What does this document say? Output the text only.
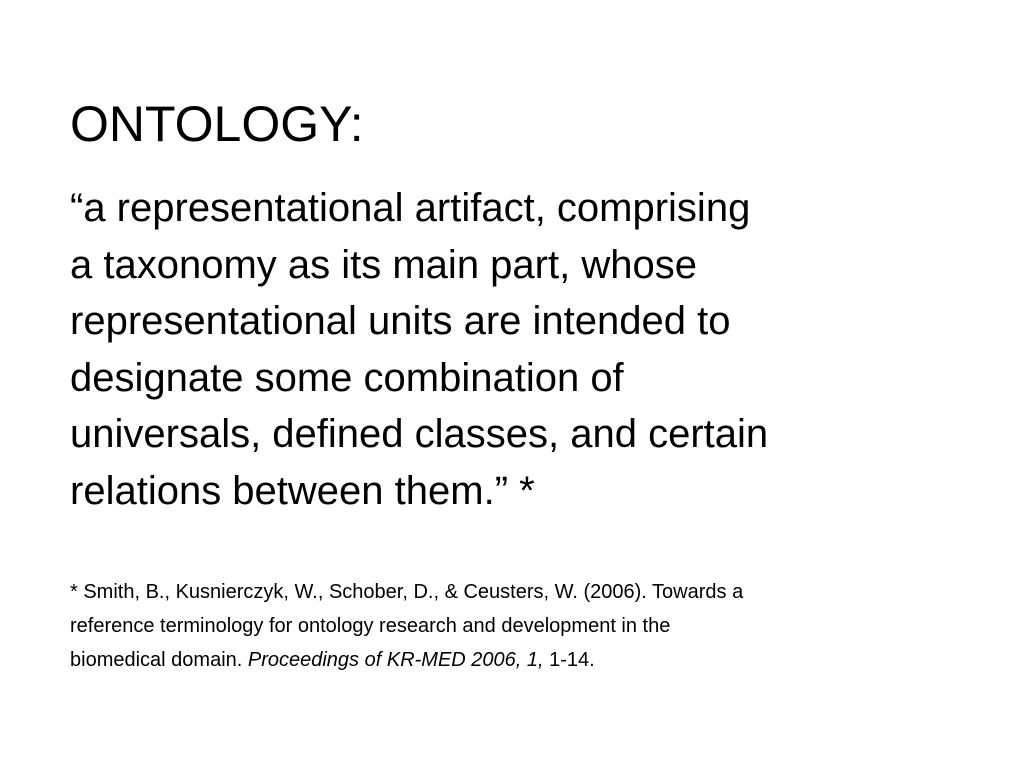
ONTOLOGY:
“a representational artifact, comprising
a taxonomy as its main part, whose
representational units are intended to
designate some combination of
universals, defined classes, and certain
relations between them.” *
* Smith, B., Kusnierczyk, W., Schober, D., & Ceusters, W. (2006). Towards a
reference terminology for ontology research and development in the
biomedical domain. Proceedings of KR-MED 2006, 1, 1-14.
